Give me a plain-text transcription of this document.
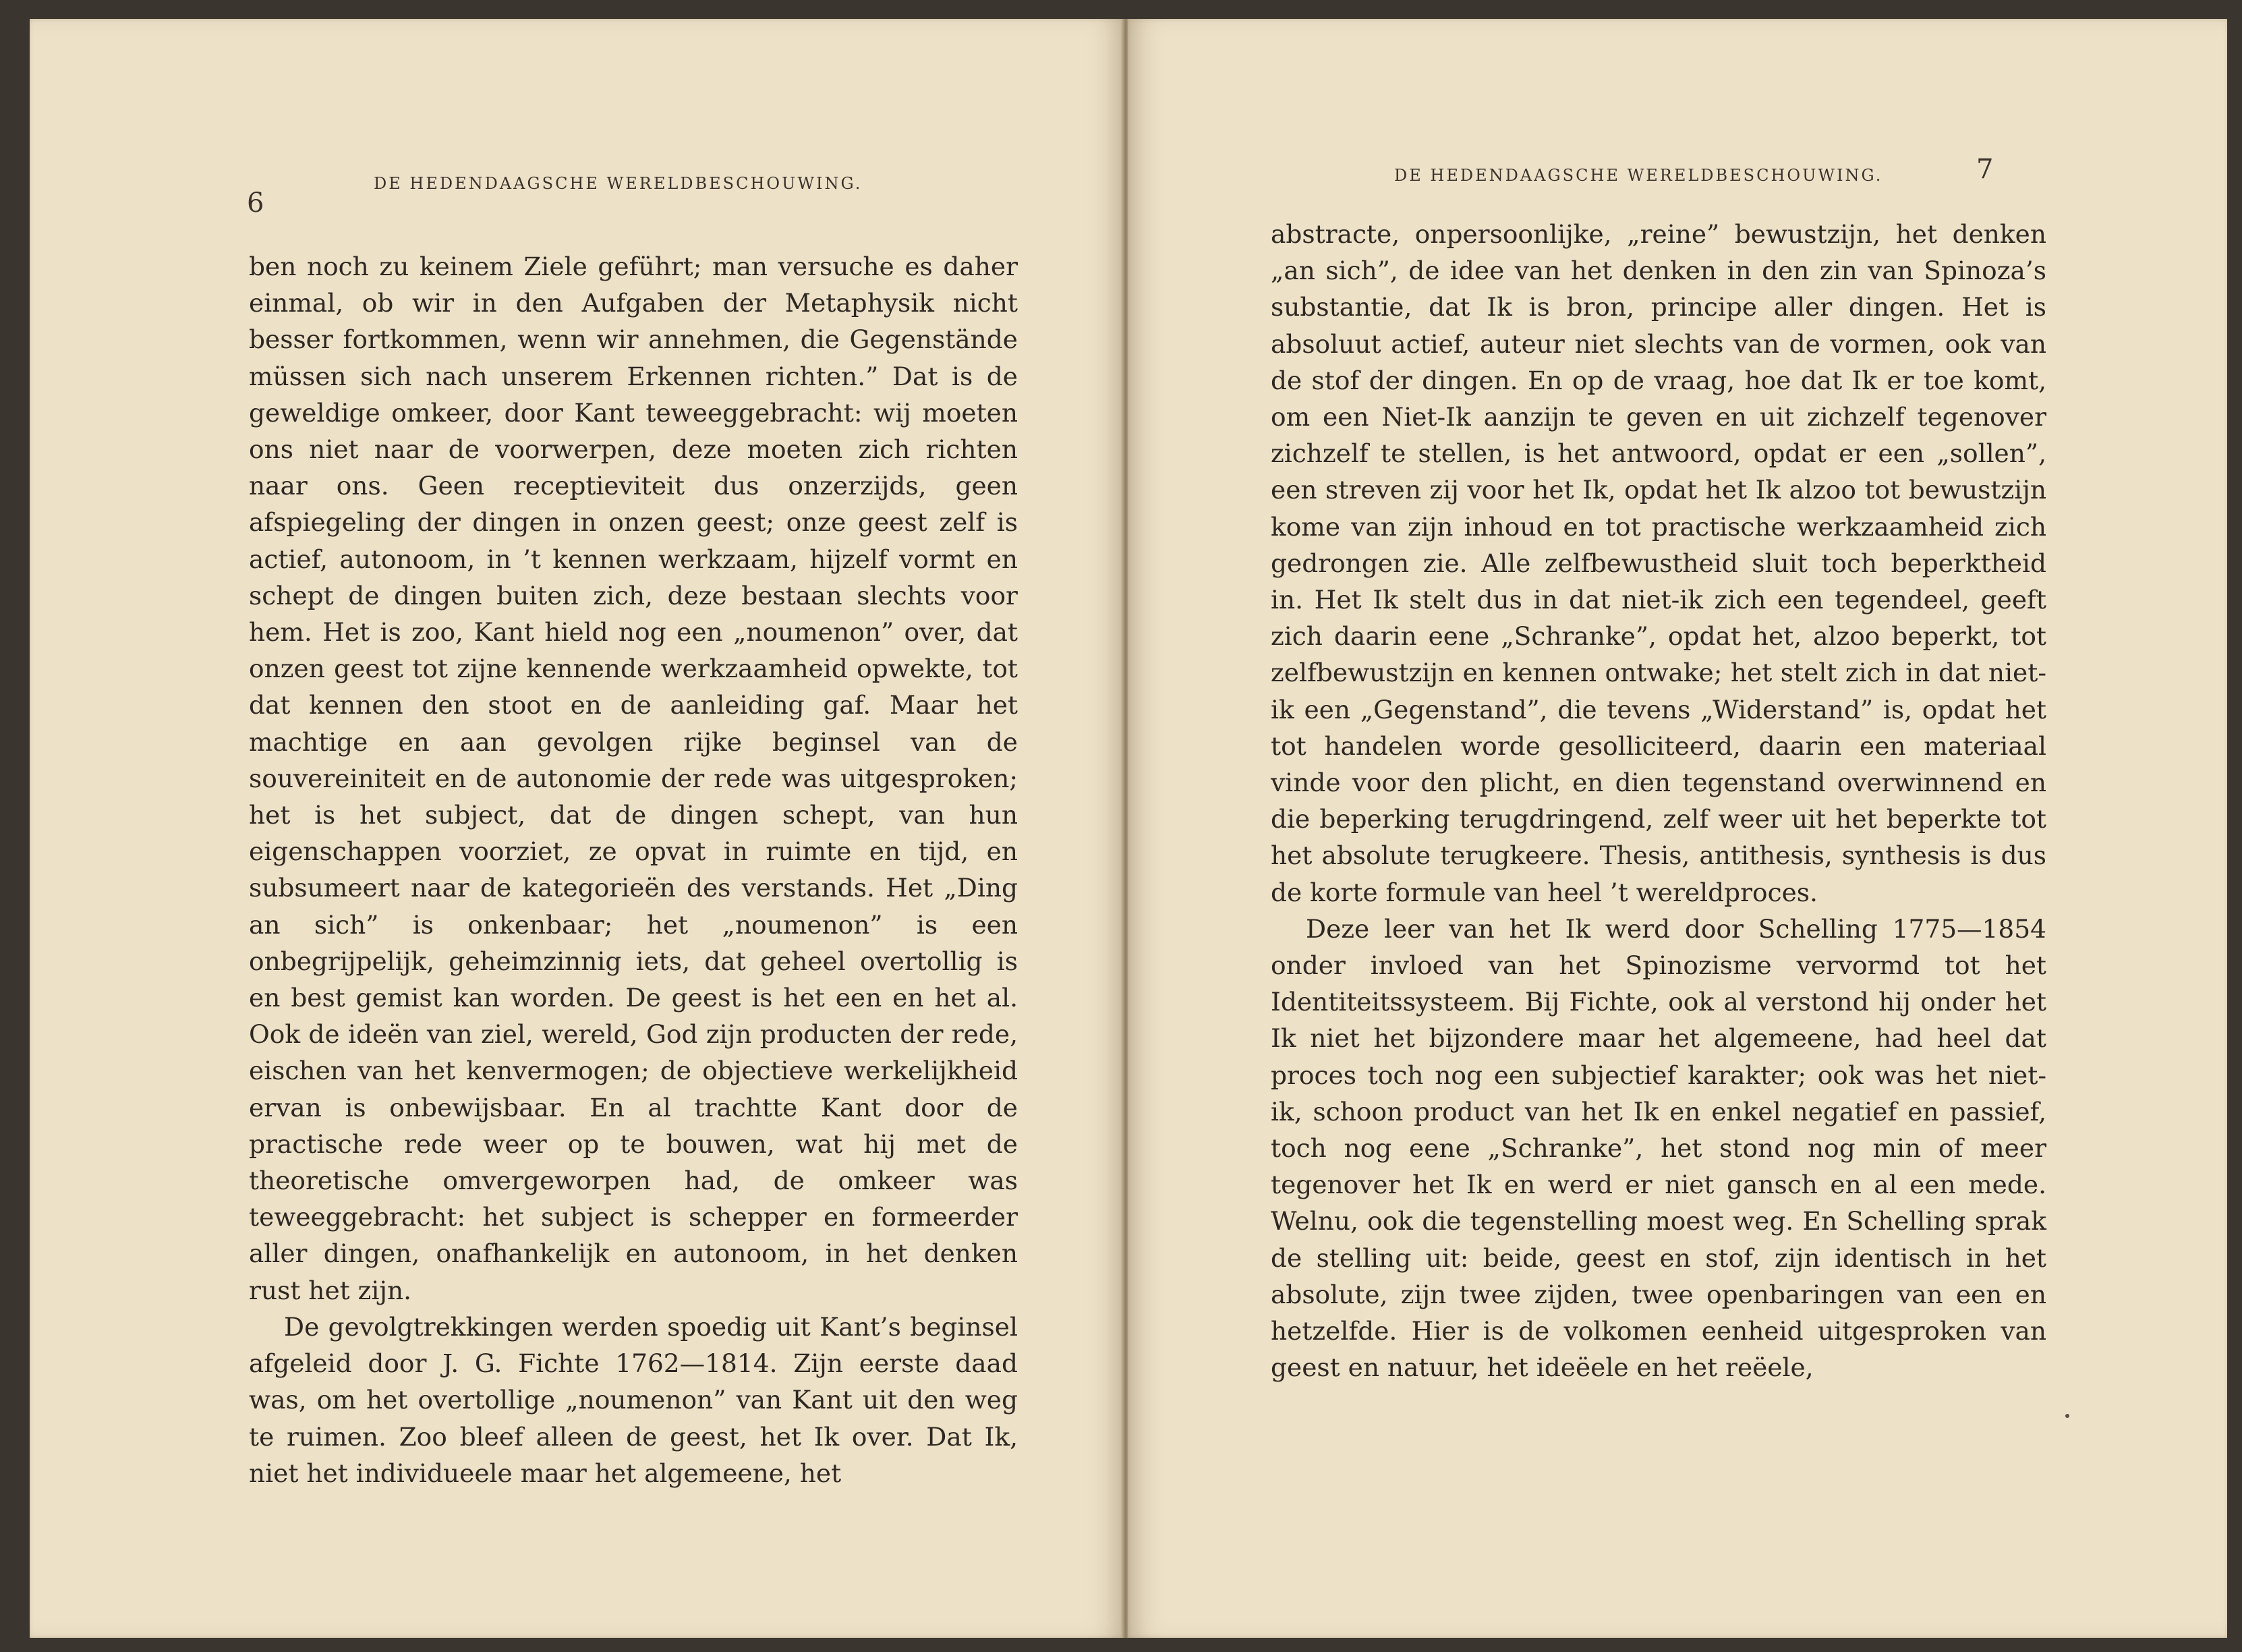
6
DE HEDENDAAGSCHE WERELDBESCHOUWING.

ben noch zu keinem Ziele geführt; man versuche es daher einmal, ob wir in den Aufgaben der Metaphysik nicht besser fortkommen, wenn wir annehmen, die Gegenstände müssen sich nach unserem Erkennen richten.” Dat is de geweldige omkeer, door Kant teweeggebracht: wij moeten ons niet naar de voorwerpen, deze moeten zich richten naar ons. Geen receptieviteit dus onzerzijds, geen afspiegeling der dingen in onzen geest; onze geest zelf is actief, autonoom, in ’t kennen werkzaam, hijzelf vormt en schept de dingen buiten zich, deze bestaan slechts voor hem. Het is zoo, Kant hield nog een „noumenon” over, dat onzen geest tot zijne kennende werkzaamheid opwekte, tot dat kennen den stoot en de aanleiding gaf. Maar het machtige en aan gevolgen rijke beginsel van de souvereiniteit en de autonomie der rede was uitgesproken; het is het subject, dat de dingen schept, van hun eigenschappen voorziet, ze opvat in ruimte en tijd, en subsumeert naar de kategorieën des verstands. Het „Ding an sich” is onkenbaar; het „noumenon” is een onbegrijpelijk, geheimzinnig iets, dat geheel overtollig is en best gemist kan worden. De geest is het een en het al. Ook de ideën van ziel, wereld, God zijn producten der rede, eischen van het kenvermogen; de objectieve werkelijkheid ervan is onbewijsbaar. En al trachtte Kant door de practische rede weer op te bouwen, wat hij met de theoretische omvergeworpen had, de omkeer was teweeggebracht: het subject is schepper en formeerder aller dingen, onafhankelijk en autonoom, in het denken rust het zijn.

De gevolgtrekkingen werden spoedig uit Kant’s beginsel afgeleid door J. G. Fichte 1762—1814. Zijn eerste daad was, om het overtollige „noumenon” van Kant uit den weg te ruimen. Zoo bleef alleen de geest, het Ik over. Dat Ik, niet het individueele maar het algemeene, het

DE HEDENDAAGSCHE WERELDBESCHOUWING.	7

abstracte, onpersoonlijke, „reine” bewustzijn, het denken „an sich”, de idee van het denken in den zin van Spinoza’s substantie, dat Ik is bron, principe aller dingen. Het is absoluut actief, auteur niet slechts van de vormen, ook van de stof der dingen. En op de vraag, hoe dat Ik er toe komt, om een Niet-Ik aanzijn te geven en uit zichzelf tegenover zichzelf te stellen, is het antwoord, opdat er een „sollen”, een streven zij voor het Ik, opdat het Ik alzoo tot bewustzijn kome van zijn inhoud en tot practische werkzaamheid zich gedrongen zie. Alle zelfbewustheid sluit toch beperktheid in. Het Ik stelt dus in dat niet-ik zich een tegendeel, geeft zich daarin eene „Schranke”, opdat het, alzoo beperkt, tot zelfbewustzijn en kennen ontwake; het stelt zich in dat niet-ik een „Gegenstand”, die tevens „Widerstand” is, opdat het tot handelen worde gesolliciteerd, daarin een materiaal vinde voor den plicht, en dien tegenstand overwinnend en die beperking terugdringend, zelf weer uit het beperkte tot het absolute terugkeere. Thesis, antithesis, synthesis is dus de korte formule van heel ’t wereldproces.

Deze leer van het Ik werd door Schelling 1775—1854 onder invloed van het Spinozisme vervormd tot het Identiteitssysteem. Bij Fichte, ook al verstond hij onder het Ik niet het bijzondere maar het algemeene, had heel dat proces toch nog een subjectief karakter; ook was het niet-ik, schoon product van het Ik en enkel negatief en passief, toch nog eene „Schranke”, het stond nog min of meer tegenover het Ik en werd er niet gansch en al een mede. Welnu, ook die tegenstelling moest weg. En Schelling sprak de stelling uit: beide, geest en stof, zijn identisch in het absolute, zijn twee zijden, twee openbaringen van een en hetzelfde. Hier is de volkomen eenheid uitgesproken van geest en natuur, het ideëele en het reëele,
